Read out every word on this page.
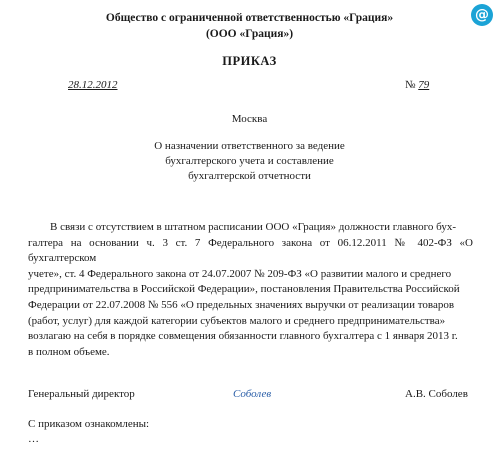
@
Общество с ограниченной ответственностью «Грация»
(ООО «Грация»)
ПРИКАЗ
28.12.2012	№ 79
Москва
О назначении ответственного за ведение
бухгалтерского учета и составление
бухгалтерской отчетности
В связи с отсутствием в штатном расписании ООО «Грация» должности главного бух-
галтера на основании ч. 3 ст. 7 Федерального закона от 06.12.2011 № 402-ФЗ «О бухгалтерском
учете», ст. 4 Федерального закона от 24.07.2007 № 209-ФЗ «О развитии малого и среднего
предпринимательства в Российской Федерации», постановления Правительства Российской
Федерации от 22.07.2008 № 556 «О предельных значениях выручки от реализации товаров
(работ, услуг) для каждой категории субъектов малого и среднего предпринимательства»
возлагаю на себя в порядке совмещения обязанности главного бухгалтера с 1 января 2013 г.
в полном объеме.
Генеральный директор	Соболев	А.В. Соболев
С приказом ознакомлены:
…
